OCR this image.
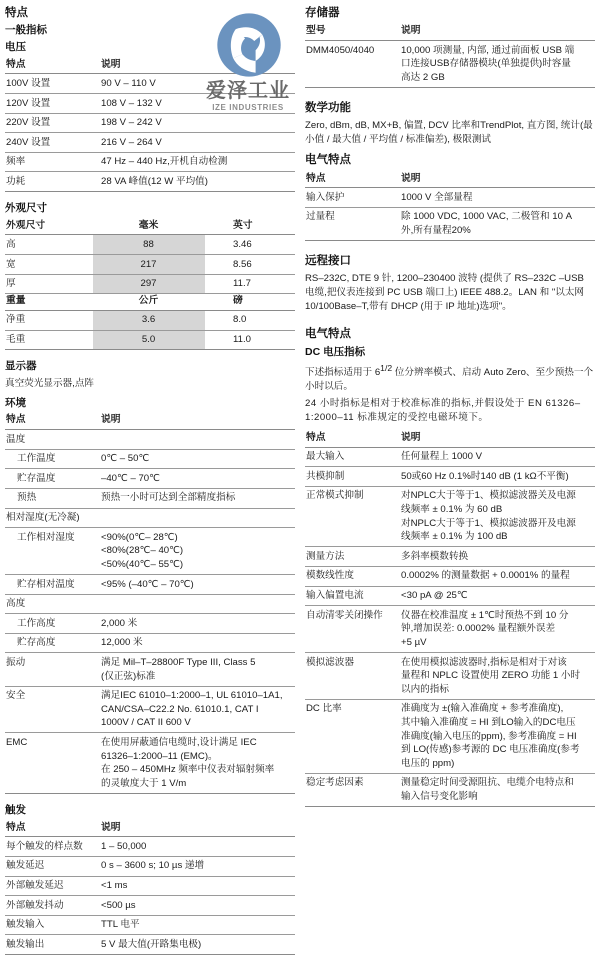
爱泽工业
IZE INDUSTRIES
特点
一般指标
电压
特点	说明
100V 设置	90 V – 110 V
120V 设置	108 V – 132 V
220V 设置	198 V – 242 V
240V 设置	216 V – 264 V
频率	47 Hz – 440 Hz,开机自动检测
功耗	28 VA 峰值(12 W 平均值)
外观尺寸
外观尺寸	毫米	英寸
高	88	3.46
宽	217	8.56
厚	297	11.7
重量	公斤	磅
净重	3.6	8.0
毛重	5.0	11.0
显示器

真空荧光显示器,点阵

环境
特点	说明
温度	
工作温度	0℃ – 50℃
贮存温度	–40℃ – 70℃
预热	预热一小时可达到全部精度指标
相对湿度(无冷凝)	
工作相对湿度	<90%(0℃– 28℃)
<80%(28℃– 40℃)
<50%(40℃– 55℃)

贮存相对温度	<95% (–40℃ – 70℃)
高度	
工作高度	2,000 米
贮存高度	12,000 米
振动	满足 Mil–T–28800F Type III, Class 5
(仅正弦)标准

安全	满足IEC 61010–1:2000–1, UL 61010–1A1,
CAN/CSA–C22.2 No. 61010.1, CAT I
1000V / CAT II 600 V

EMC	在使用屏蔽通信电缆时,设计满足 IEC
61326–1:2000–11 (EMC)。
在 250 – 450MHz 频率中仪表对辐射频率
的灵敏度大于 1 V/m
触发
特点	说明
每个触发的样点数	1 – 50,000
触发延迟	0 s – 3600 s; 10 µs 递增
外部触发延迟	<1 ms
外部触发抖动	<500 µs
触发输入	TTL 电平
触发输出	5 V 最大值(开路集电极)
存储器
型号	说明
DMM4050/4040	10,000 项测量, 内部, 通过前面板 USB 端
口连接USB存储器模块(单独提供)时容量
高达 2 GB
数学功能

Zero, dBm, dB, MX+B, 偏置, DCV 比率和TrendPlot, 直方图, 统计(最小值 / 最大值 / 平均值 / 标准偏差), 极限测试

电气特点
特点	说明
输入保护	1000 V 全部量程
过量程	除 1000 VDC, 1000 VAC, 二极管和 10 A
外,所有量程20%
远程接口

RS–232C, DTE 9 针, 1200–230400 波特 (提供了 RS–232C –USB 电缆,把仪表连接到 PC USB 端口上) IEEE 488.2。LAN 和 "以太网 10/100Base–T,带有 DHCP (用于 IP 地址)选项"。

电气特点
DC 电压指标

下述指标适用于 $6^{1/2}$ 位分辨率模式、启动 Auto Zero、至少预热一个小时以后。

24 小时指标是相对于校准标准的指标,并假设处于 EN 61326–1:2000–11 标准规定的受控电磁环境下。

特点	说明
最大输入	任何量程上 1000 V
共模抑制	50或60 Hz 0.1%时140 dB (1 kΩ不平衡)
正常模式抑制	对NPLC大于等于1、模拟滤波器关及电源
线频率 ± 0.1% 为 60 dB
对NPLC大于等于1、模拟滤波器开及电源
线频率 ± 0.1% 为 100 dB

测量方法	多斜率模数转换
模数线性度	0.0002% 的测量数据 + 0.0001% 的量程
输入偏置电流	<30 pA @ 25℃
自动清零关闭操作	仪器在校准温度 ± 1℃时预热不到 10 分
钟,增加误差: 0.0002% 量程额外误差
+5 µV

模拟滤波器	在使用模拟滤波器时,指标是相对于对该
量程和 NPLC 设置使用 ZERO 功能 1 小时
以内的指标

DC 比率	准确度为 ±(输入准确度 + 参考准确度),
其中输入准确度 = HI 到LO输入的DC电压
准确度(输入电压的ppm), 参考准确度 = HI
到 LO(传感)参考源的 DC 电压准确度(参考
电压的 ppm)

稳定考虑因素	测量稳定时间受源阻抗、电缆介电特点和
输入信号变化影响
